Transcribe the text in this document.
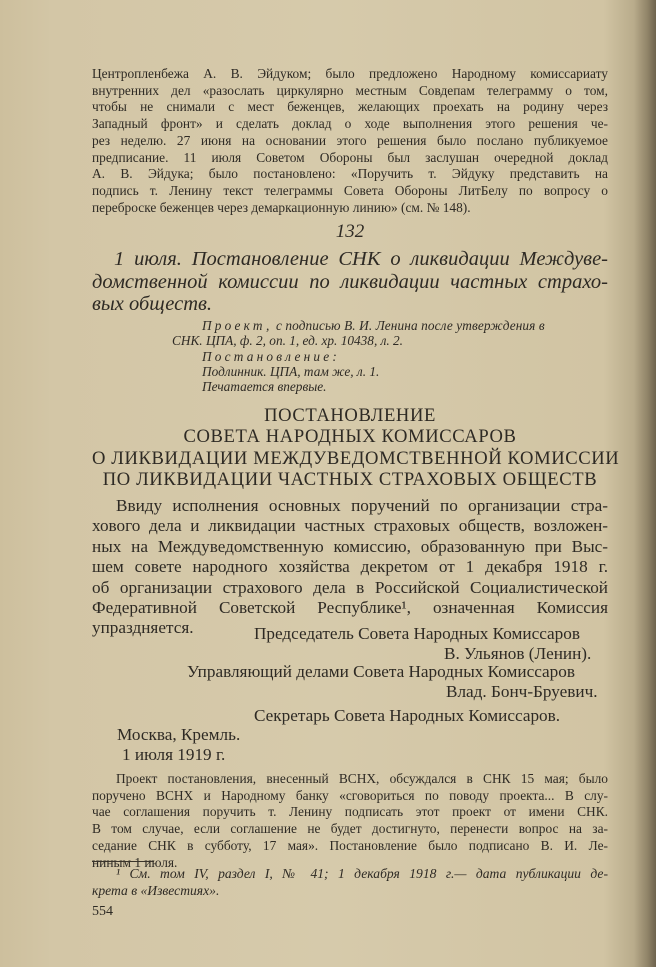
Центроплeнбежа А. В. Эйдуком; было предложено Народному комиссариату
внутренних дел «разослать циркулярно местным Совдепам телеграмму о том,
чтобы не снимали с мест беженцев, желающих проехать на родину через
Западный фронт» и сделать доклад о ходе выполнения этого решения че-
рез неделю. 27 июня на основании этого решения было послано публикуемое
предписание. 11 июля Советом Обороны был заслушан очередной доклад
А. В. Эйдука; было постановлено: «Поручить т. Эйдуку представить на
подпись т. Ленину текст телеграммы Совета Обороны ЛитБелу по вопросу о
переброске беженцев через демаркационную линию» (см. № 148).
132
1 июля. Постановление СНК о ликвидации Междуве-
домственной комиссии по ликвидации частных страхо-
вых обществ.
Проект, с подписью В. И. Ленина после утверждения в
СНК. ЦПА, ф. 2, оп. 1, ед. хр. 10438, л. 2.
Постановление:
Подлинник. ЦПА, там же, л. 1.
Печатается впервые.
ПОСТАНОВЛЕНИЕ
СОВЕТА НАРОДНЫХ КОМИССАРОВ
О ЛИКВИДАЦИИ МЕЖДУВЕДОМСТВЕННОЙ КОМИССИИ
ПО ЛИКВИДАЦИИ ЧАСТНЫХ СТРАХОВЫХ ОБЩЕСТВ
Ввиду исполнения основных поручений по организации стра-
хового дела и ликвидации частных страховых обществ, возложен-
ных на Междуведомственную комиссию, образованную при Выс-
шем совете народного хозяйства декретом от 1 декабря 1918 г.
об организации страхового дела в Российской Социалистической
Федеративной Советской Республике¹, означенная Комиссия
упраздняется.	Председатель Совета Народных Комиссаров
В. Ульянов (Ленин).
Управляющий делами Совета Народных Комиссаров
Влад. Бонч-Бруевич.
Секретарь Совета Народных Комиссаров.
Москва, Кремль.
1 июля 1919 г.
Проект постановления, внесенный ВСНХ, обсуждался в СНК 15 мая; было
поручено ВСНХ и Народному банку «сговориться по поводу проекта... В слу-
чае соглашения поручить т. Ленину подписать этот проект от имени СНК.
В том случае, если соглашение не будет достигнуто, перенести вопрос на за-
седание СНК в субботу, 17 мая». Постановление было подписано В. И. Ле-
ниным 1 июля.
¹ См. том IV, раздел I, № 41; 1 декабря 1918 г.— дата публикации де-
крета в «Известиях».
554
